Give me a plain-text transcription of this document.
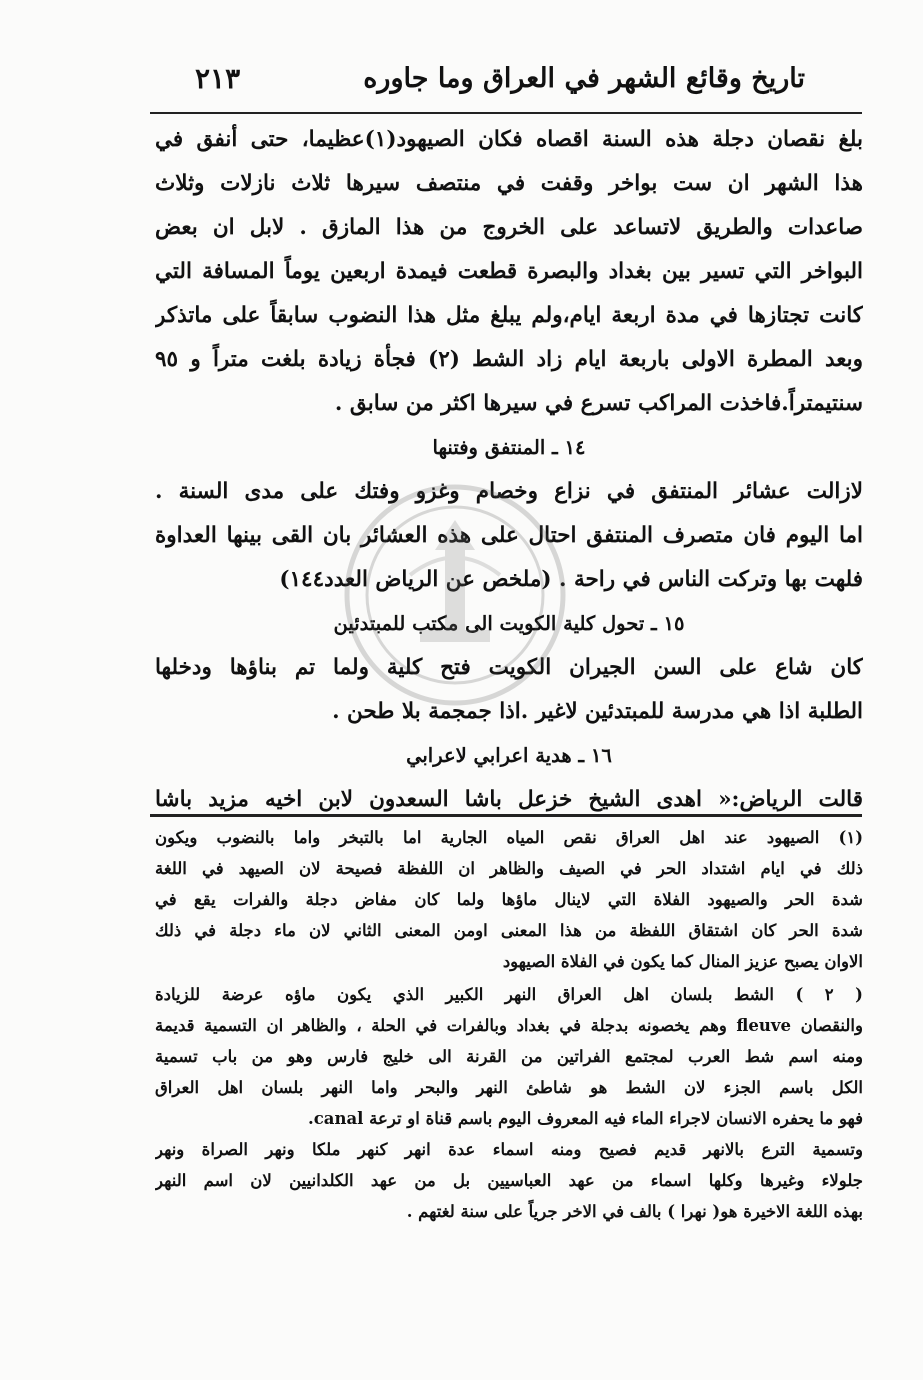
تاريخ وقائع الشهر في العراق وما جاوره
٢١٣
بلغ نقصان دجلة هذه السنة اقصاه فكان الصيهود(١)عظيما، حتى أنفق في
هذا الشهر ان ست بواخر وقفت في منتصف سيرها ثلاث نازلات وثلاث
صاعدات والطريق لاتساعد على الخروج من هذا المازق . لابل ان بعض
البواخر التي تسير بين بغداد والبصرة قطعت فيمدة اربعين يوماً المسافة التي
كانت تجتازها في مدة اربعة ايام،ولم يبلغ مثل هذا النضوب سابقاً على ماتذكر
وبعد المطرة الاولى باربعة ايام زاد الشط (٢) فجأة زيادة بلغت متراً و ٩٥
سنتيمتراً.فاخذت المراكب تسرع في سيرها اكثر من سابق .
١٤ ـ المنتفق وفتنها
لازالت عشائر المنتفق في نزاع وخصام وغزو وفتك على مدى السنة .
اما اليوم فان متصرف المنتفق احتال على هذه العشائر بان القى بينها العداوة
فلهت بها وتركت الناس في راحة . (ملخص عن الرياض العدد١٤٤)
١٥ ـ تحول كلية الكويت الى مكتب للمبتدئين
كان شاع على السن الجيران الكويت فتح كلية ولما تم بناؤها ودخلها
الطلبة اذا هي مدرسة للمبتدئين لاغير .اذا جمجمة بلا طحن .
١٦ ـ هدية اعرابي لاعرابي
قالت الرياض:« اهدى الشيخ خزعل باشا السعدون لابن اخيه مزيد باشا
(١) الصيهود عند اهل العراق نقص المياه الجارية اما بالتبخر واما بالنضوب ويكون
ذلك في ايام اشتداد الحر في الصيف والظاهر ان اللفظة فصيحة لان الصيهد في اللغة
شدة الحر والصيهود الفلاة التي لاينال ماؤها ولما كان مفاض دجلة والفرات يقع في
شدة الحر كان اشتقاق اللفظة من هذا المعنى اومن المعنى الثاني لان ماء دجلة في ذلك
الاوان يصبح عزيز المنال كما يكون في الفلاة الصيهود
( ٢ ) الشط بلسان اهل العراق النهر الكبير الذي يكون ماؤه عرضة للزيادة
والنقصان fleuve وهم يخصونه بدجلة في بغداد وبالفرات في الحلة ، والظاهر ان التسمية قديمة
ومنه اسم شط العرب لمجتمع الفراتين من القرنة الى خليج فارس وهو من باب تسمية
الكل باسم الجزء لان الشط هو شاطئ النهر والبحر واما النهر بلسان اهل العراق
فهو ما يحفره الانسان لاجراء الماء فيه المعروف اليوم باسم قناة او ترعة canal.
وتسمية الترع بالانهر قديم فصيح ومنه اسماء عدة انهر كنهر ملكا ونهر الصراة ونهر
جلولاء وغيرها وكلها اسماء من عهد العباسيين بل من عهد الكلدانيين لان اسم النهر
بهذه اللغة الاخيرة هو( نهرا ) بالف في الاخر جرياً على سنة لغتهم .
